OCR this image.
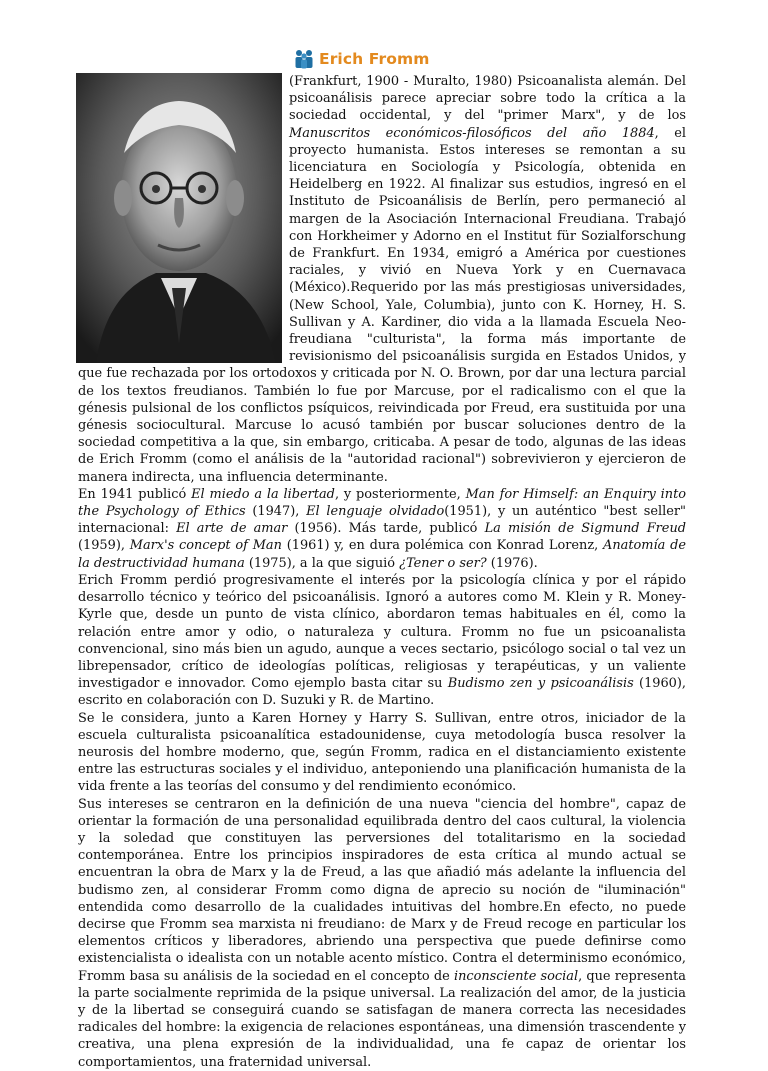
Erich Fromm

(Frankfurt, 1900 - Muralto, 1980) Psicoanalista alemán. Del psicoanálisis parece apreciar sobre todo la crítica a la sociedad occidental, y del "primer Marx", y de los Manuscritos económicos-filosóficos del año 1884, el proyecto humanista. Estos intereses se remontan a su licenciatura en Sociología y Psicología, obtenida en Heidelberg en 1922. Al finalizar sus estudios, ingresó en el Instituto de Psicoanálisis de Berlín, pero permaneció al margen de la Asociación Internacional Freudiana. Trabajó con Horkheimer y Adorno en el Institut für Sozialforschung de Frankfurt. En 1934, emigró a América por cuestiones raciales, y vivió en Nueva York y en Cuernavaca (México).Requerido por las más prestigiosas universidades, (New School, Yale, Columbia), junto con K. Horney, H. S. Sullivan y A. Kardiner, dio vida a la llamada Escuela Neo-freudiana "culturista", la forma más importante de revisionismo del psicoanálisis surgida en Estados Unidos, y que fue rechazada por los ortodoxos y criticada por N. O. Brown, por dar una lectura parcial de los textos freudianos. También lo fue por Marcuse, por el radicalismo con el que la génesis pulsional de los conflictos psíquicos, reivindicada por Freud, era sustituida por una génesis sociocultural. Marcuse lo acusó también por buscar soluciones dentro de la sociedad competitiva a la que, sin embargo, criticaba. A pesar de todo, algunas de las ideas de Erich Fromm (como el análisis de la "autoridad racional") sobrevivieron y ejercieron de manera indirecta, una influencia determinante.

En 1941 publicó El miedo a la libertad, y posteriormente, Man for Himself: an Enquiry into the Psychology of Ethics (1947), El lenguaje olvidado(1951), y un auténtico "best seller" internacional: El arte de amar (1956). Más tarde, publicó La misión de Sigmund Freud (1959), Marx's concept of Man (1961) y, en dura polémica con Konrad Lorenz, Anatomía de la destructividad humana (1975), a la que siguió ¿Tener o ser? (1976).

Erich Fromm perdió progresivamente el interés por la psicología clínica y por el rápido desarrollo técnico y teórico del psicoanálisis. Ignoró a autores como M. Klein y R. Money-Kyrle que, desde un punto de vista clínico, abordaron temas habituales en él, como la relación entre amor y odio, o naturaleza y cultura. Fromm no fue un psicoanalista convencional, sino más bien un agudo, aunque a veces sectario, psicólogo social o tal vez un librepensador, crítico de ideologías políticas, religiosas y terapéuticas, y un valiente investigador e innovador. Como ejemplo basta citar su Budismo zen y psicoanálisis (1960), escrito en colaboración con D. Suzuki y R. de Martino.

Se le considera, junto a Karen Horney y Harry S. Sullivan, entre otros, iniciador de la escuela culturalista psicoanalítica estadounidense, cuya metodología busca resolver la neurosis del hombre moderno, que, según Fromm, radica en el distanciamiento existente entre las estructuras sociales y el individuo, anteponiendo una planificación humanista de la vida frente a las teorías del consumo y del rendimiento económico.

Sus intereses se centraron en la definición de una nueva "ciencia del hombre", capaz de orientar la formación de una personalidad equilibrada dentro del caos cultural, la violencia y la soledad que constituyen las perversiones del totalitarismo en la sociedad contemporánea. Entre los principios inspiradores de esta crítica al mundo actual se encuentran la obra de Marx y la de Freud, a las que añadió más adelante la influencia del budismo zen, al considerar Fromm como digna de aprecio su noción de "iluminación" entendida como desarrollo de la cualidades intuitivas del hombre.En efecto, no puede decirse que Fromm sea marxista ni freudiano: de Marx y de Freud recoge en particular los elementos críticos y liberadores, abriendo una perspectiva que puede definirse como existencialista o idealista con un notable acento místico. Contra el determinismo económico, Fromm basa su análisis de la sociedad en el concepto de inconsciente social, que representa la parte socialmente reprimida de la psique universal. La realización del amor, de la justicia y de la libertad se conseguirá cuando se satisfagan de manera correcta las necesidades radicales del hombre: la exigencia de relaciones espontáneas, una dimensión trascendente y creativa, una plena expresión de la individualidad, una fe capaz de orientar los comportamientos, una fraternidad universal.
